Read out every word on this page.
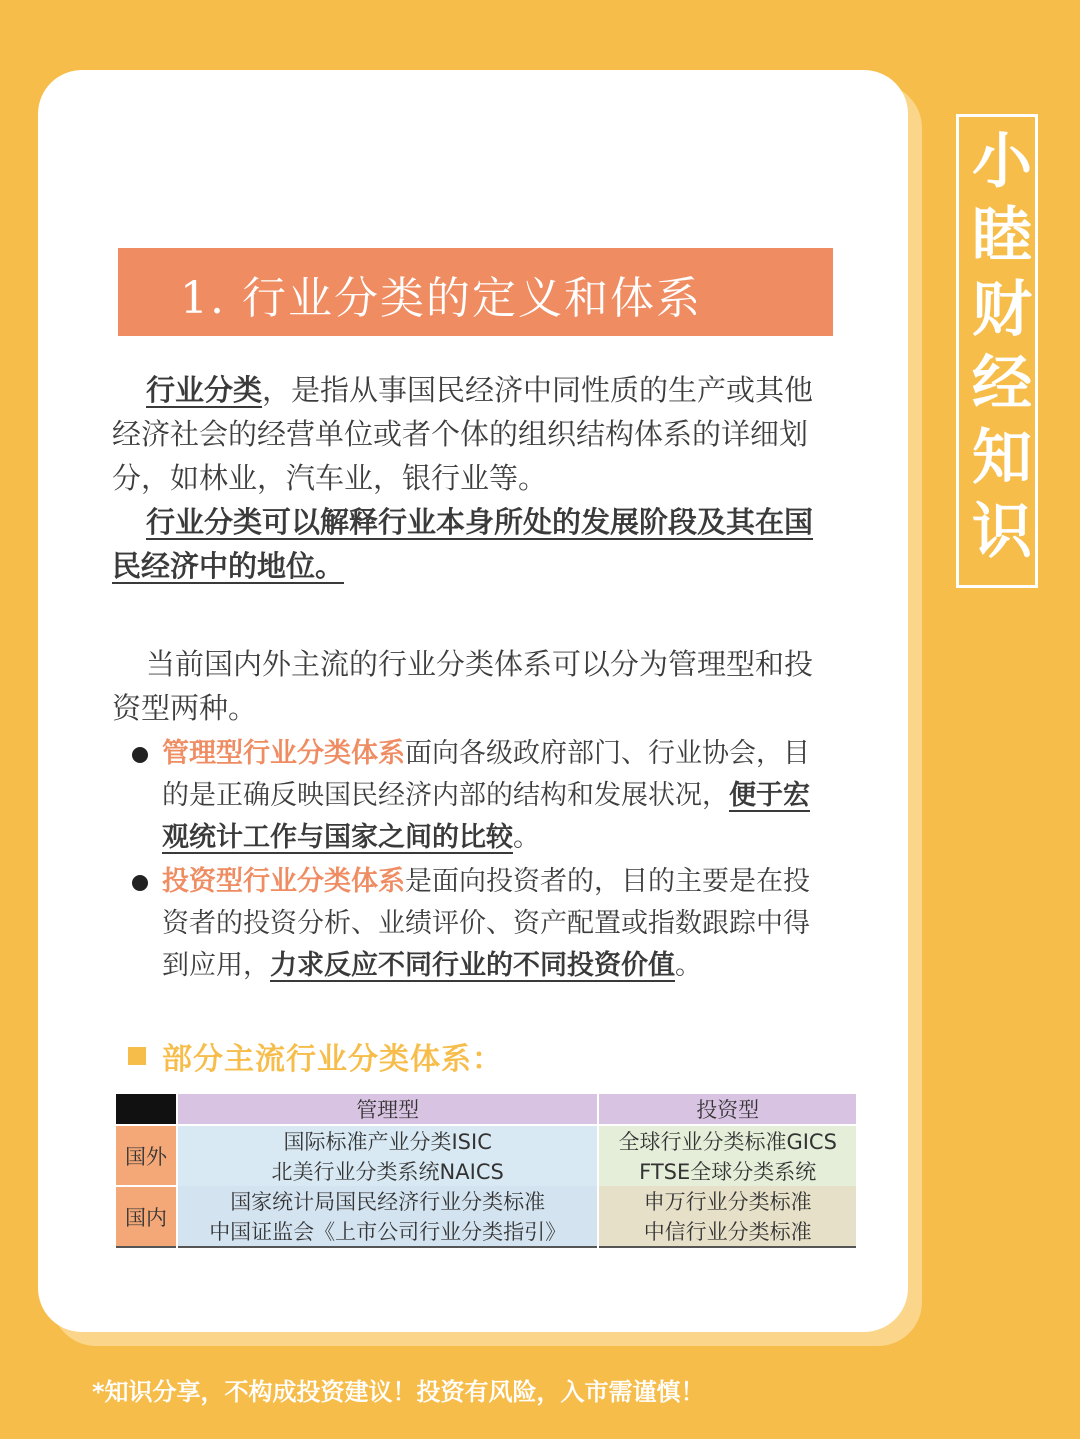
小睦财经知识
1. 行业分类的定义和体系

行业分类，是指从事国民经济中同性质的生产或其他经济社会的经营单位或者个体的组织结构体系的详细划分，如林业，汽车业，银行业等。
行业分类可以解释行业本身所处的发展阶段及其在国民经济中的地位。

当前国内外主流的行业分类体系可以分为管理型和投资型两种。

管理型行业分类体系面向各级政府部门、行业协会，目的是正确反映国民经济内部的结构和发展状况，便于宏观统计工作与国家之间的比较。
投资型行业分类体系是面向投资者的，目的主要是在投资者的投资分析、业绩评价、资产配置或指数跟踪中得到应用，力求反应不同行业的不同投资价值。
部分主流行业分类体系：
	管理型	投资型
国外	国际标准产业分类ISIC	全球行业分类标准GICS
	北美行业分类系统NAICS	FTSE全球分类系统
国内	国家统计局国民经济行业分类标准	申万行业分类标准
	中国证监会《上市公司行业分类指引》	中信行业分类标准
*知识分享，不构成投资建议！投资有风险，入市需谨慎！
